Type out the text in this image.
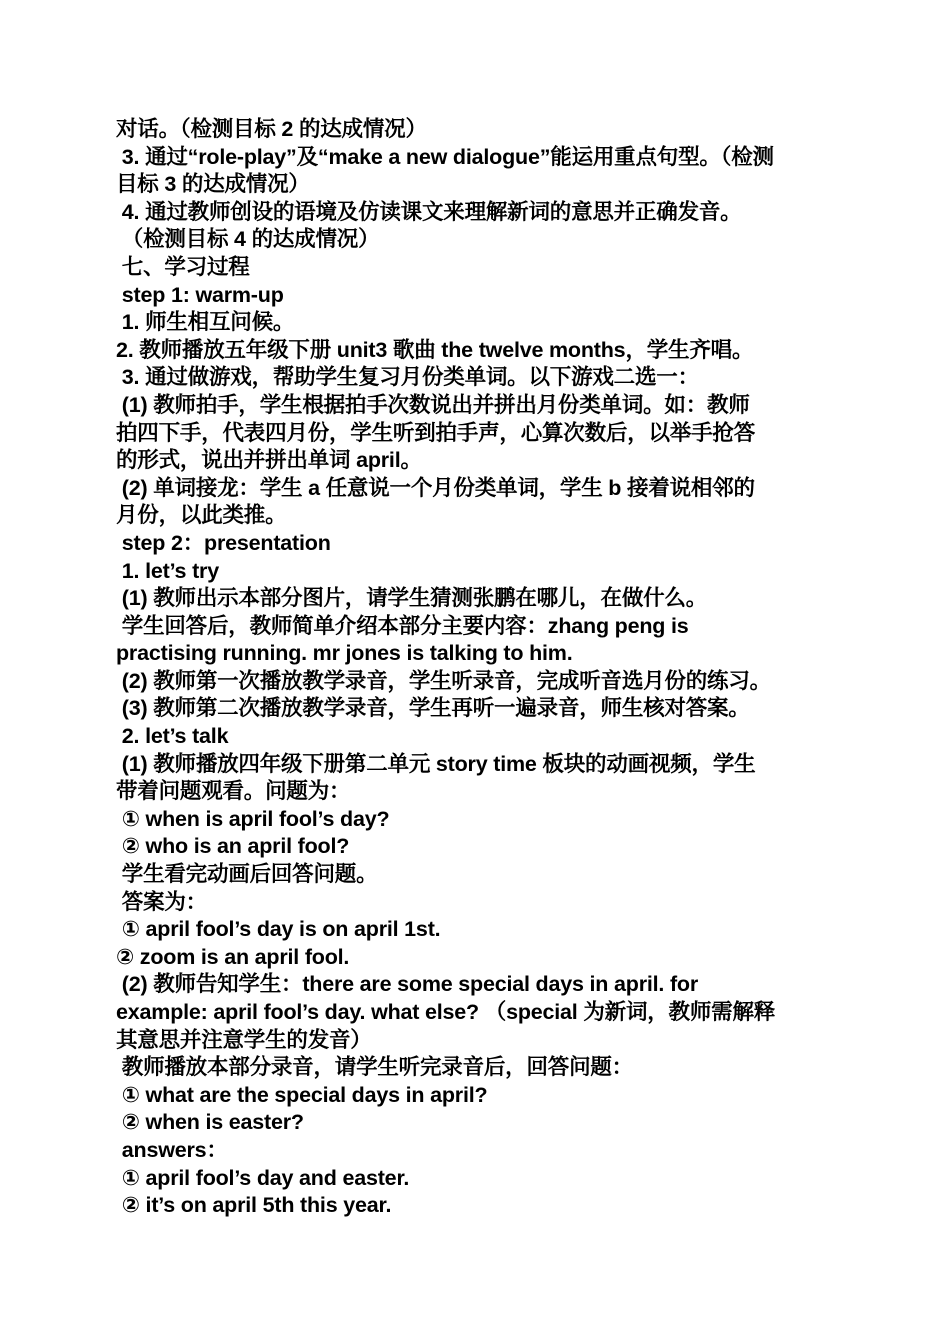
对话。（检测目标 2 的达成情况）
3. 通过“role-play”及“make a new dialogue”能运用重点句型。（检测
目标 3 的达成情况）
4. 通过教师创设的语境及仿读课文来理解新词的意思并正确发音。
（检测目标 4 的达成情况）
七、学习过程
step 1: warm-up
1. 师生相互问候。
2. 教师播放五年级下册 unit3 歌曲 the twelve months，学生齐唱。
3. 通过做游戏，帮助学生复习月份类单词。以下游戏二选一：
(1) 教师拍手，学生根据拍手次数说出并拼出月份类单词。如：教师
拍四下手，代表四月份，学生听到拍手声，心算次数后，以举手抢答
的形式，说出并拼出单词 april。
(2) 单词接龙：学生 a 任意说一个月份类单词，学生 b 接着说相邻的
月份，以此类推。
step 2：presentation
1. let’s try
(1) 教师出示本部分图片，请学生猜测张鹏在哪儿，在做什么。
学生回答后，教师简单介绍本部分主要内容：zhang peng is
practising running. mr jones is talking to him.
(2) 教师第一次播放教学录音，学生听录音，完成听音选月份的练习。
(3) 教师第二次播放教学录音，学生再听一遍录音，师生核对答案。
2. let’s talk
(1) 教师播放四年级下册第二单元 story time 板块的动画视频，学生
带着问题观看。问题为：
① when is april fool’s day?
② who is an april fool?
学生看完动画后回答问题。
答案为：
① april fool’s day is on april 1st.
② zoom is an april fool.
(2) 教师告知学生：there are some special days in april. for
example: april fool’s day. what else? （special 为新词，教师需解释
其意思并注意学生的发音）
教师播放本部分录音，请学生听完录音后，回答问题：
① what are the special days in april?
② when is easter?
answers：
① april fool’s day and easter.
② it’s on april 5th this year.
